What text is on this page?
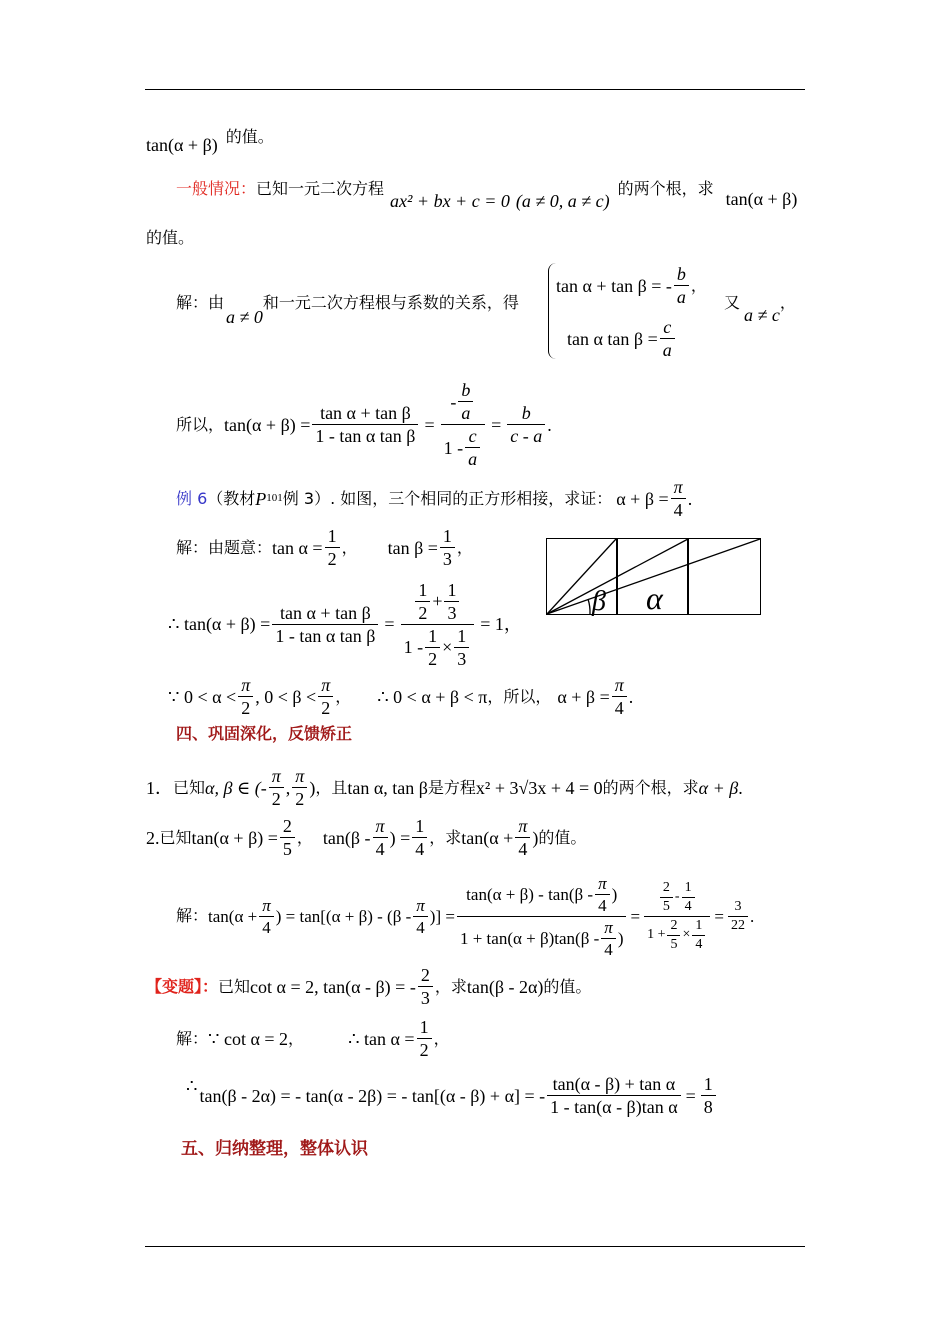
tan(α + β) 的值。
一般情况： 已知一元二次方程
ax² + bx + c = 0 (a ≠ 0, a ≠ c)
的两个根，求
tan(α + β)
的值。
解：由
a ≠ 0
和一元二次方程根与系数的关系，得
tan α + tan β = - $\frac{b}{a}$ ，
又
a ≠ c
，
tan α $\tan \beta = \frac{c}{a}$
所以， $\tan(\alpha + \beta) = \frac{\text{tan α + tan β}}{\text{1 - tan α tan β}} = \frac{- \frac{b}{a}}{1 - \frac{c}{a}} = \frac{b}{c - a}$ .
例 6 （教材 P 101 例 3）. 如图，三个相同的正方形相接，求证： $\alpha + \beta = \frac{\pi}{4}$ .
解：由题意： $\tan \alpha = \frac{1}{2}$ ， $\tan \beta = \frac{1}{3}$ ，
β α
∴ $\tan(\alpha + \beta) = \frac{\text{tan α + tan β}}{\text{1 - tan α tan β}} = \frac{\frac{1}{2} + \frac{1}{3}}{1 - \frac{1}{2} \times \frac{1}{3}} = 1$，
∵ $0 < \alpha < \frac{\pi}{2}$ , $0 < \beta < \frac{\pi}{2}$ ， ∴ 0 < α + β < π ，所以， $\alpha + \beta = \frac{\pi}{4}$ .
四、巩固深化，反馈矫正
1． 已知 α, β ∈ (- $\frac{\pi}{2}$ , $\frac{\pi}{2}$ ) ，且 tan α, tan β 是方程 x² + 3√3x + 4 = 0 的两个根，求 α + β .
2. 已知 $\tan(\alpha + \beta) = \frac{2}{5}$ ， $\tan(\beta - \frac{\pi}{4}$ ) = $\frac{1}{4}$ ，求 $\tan(\alpha + \frac{\pi}{4}$ ) 的值。
解： $\tan(\alpha + \frac{\pi}{4}$ ) = $\tan[(\alpha + \beta) - (\beta - \frac{\pi}{4}$ )] = $\frac{\tan(\alpha + \beta) - \tan(\beta - \frac{\pi}{4} )}{1 + \tan(\alpha + \beta)\tan(\beta - \frac{\pi}{4} )} = \frac{\frac{2}{5} - \frac{1}{4}}{1 + \frac{2}{5} \times \frac{1}{4}} = \frac{3}{22}$ .
【变题】： 已知 cot α = 2, tan(α - β) = - $\frac{2}{3}$ ，求 tan(β - 2α) 的值。
解： ∵ cot α = 2 ， ∴ $\tan \alpha = \frac{1}{2}$ ，
∴ tan(β - 2α) = - tan(α - 2β) = - tan[(α - β) + α] = - $\frac{\text{tan(α - β) + tan α}}{\text{1 - tan(α - β)tan α}} = \frac{1}{8}$
五、归纳整理，整体认识
